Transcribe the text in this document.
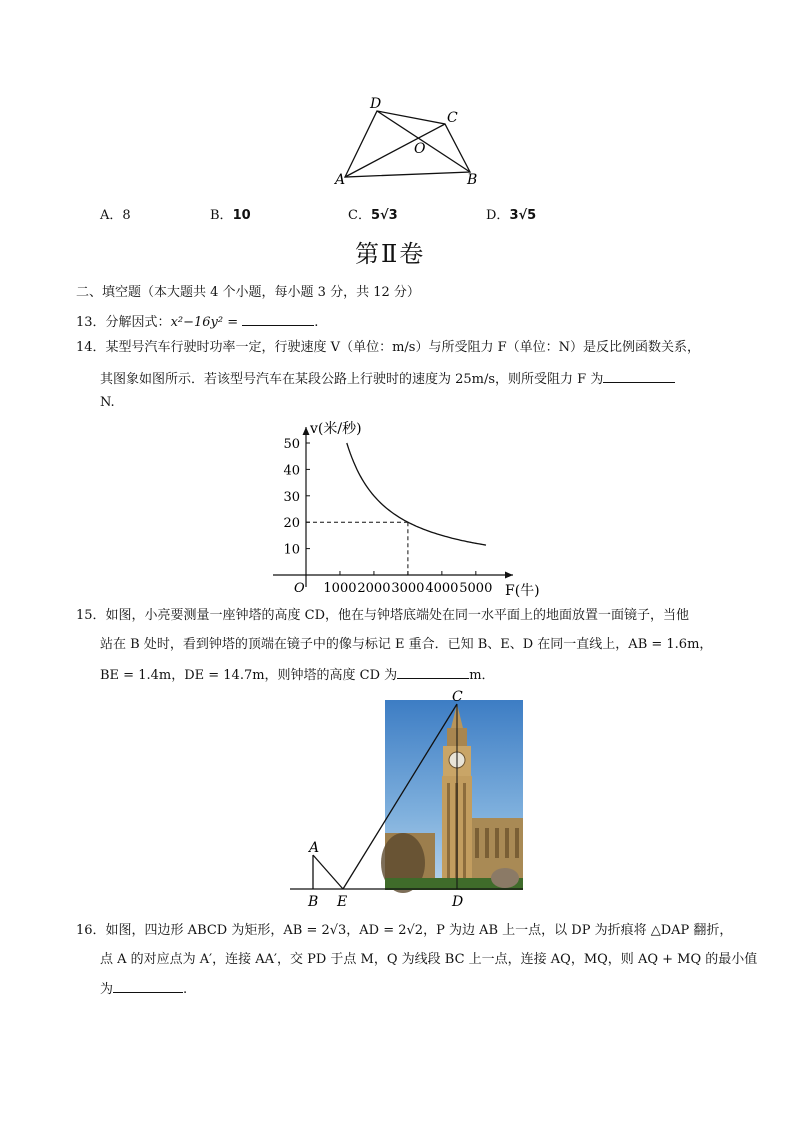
D
C
O
A	B
A．8	B．10	C．5√3	D．3√5
第Ⅱ卷
二、填空题（本大题共 4 个小题，每小题 3 分，共 12 分）
13．分解因式：x²−16y² =	.
14．某型号汽车行驶时功率一定，行驶速度 V（单位：m/s）与所受阻力 F（单位：N）是反比例函数关系，
其图象如图所示．若该型号汽车在某段公路上行驶时的速度为 25m/s，则所受阻力 F 为
N.
1000 2000 3000 4000 5000
10
20
30
40
50
O	F(牛)
v(米/秒)
15．如图，小亮要测量一座钟塔的高度 CD，他在与钟塔底端处在同一水平面上的地面放置一面镜子，当他
站在 B 处时，看到钟塔的顶端在镜子中的像与标记 E 重合．已知 B、E、D 在同一直线上，AB = 1.6m，
BE = 1.4m，DE = 14.7m，则钟塔的高度 CD 为	m．
C
A
B E	D
16．如图，四边形 ABCD 为矩形，AB = 2√3，AD = 2√2，P 为边 AB 上一点，以 DP 为折痕将 △DAP 翻折，
点 A 的对应点为 A′，连接 AA′，交 PD 于点 M，Q 为线段 BC 上一点，连接 AQ，MQ，则 AQ + MQ 的最小值
为	.
